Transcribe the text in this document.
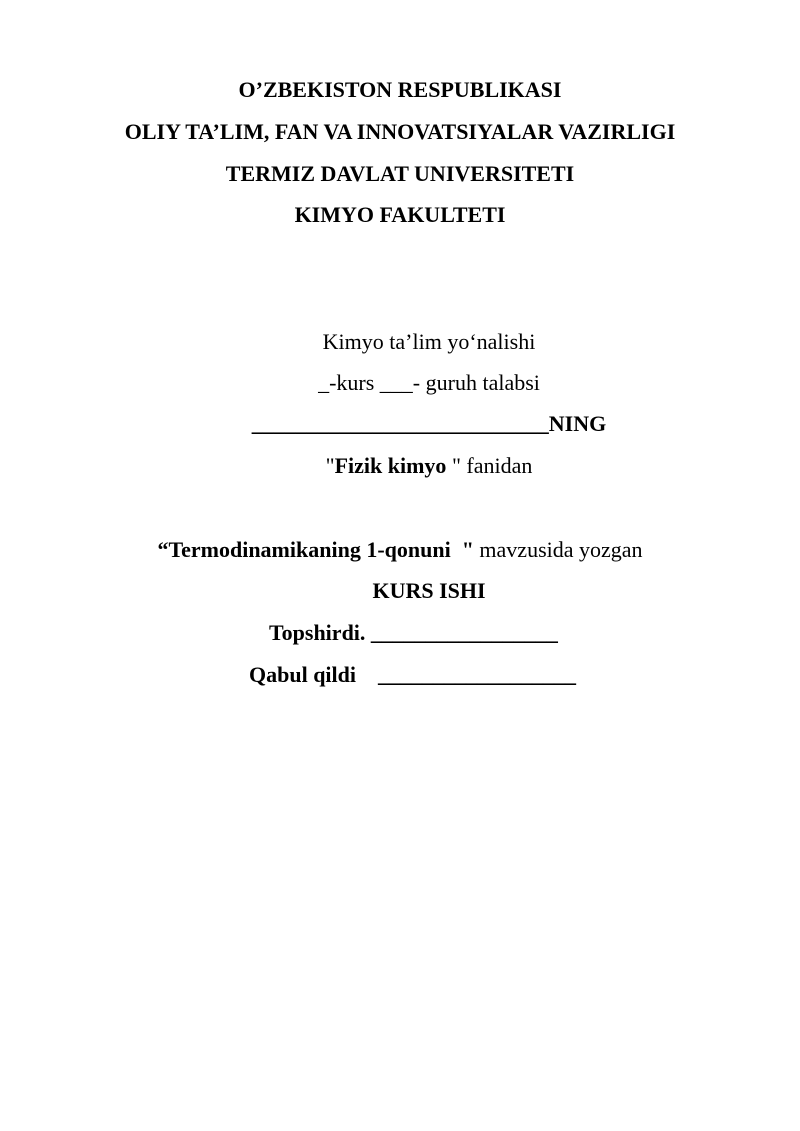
O’ZBEKISTON RESPUBLIKASI
OLIY TA’LIM, FAN VA INNOVATSIYALAR VAZIRLIGI
TERMIZ DAVLAT UNIVERSITETI
KIMYO FAKULTETI
Kimyo ta’lim yo‘nalishi
_-kurs ___- guruh talabsi
___________________________NING
"Fizik kimyo " fanidan
“Termodinamikaning 1-qonuni  " mavzusida yozgan
KURS ISHI
Topshirdi. _________________
Qabul qildi __________________
